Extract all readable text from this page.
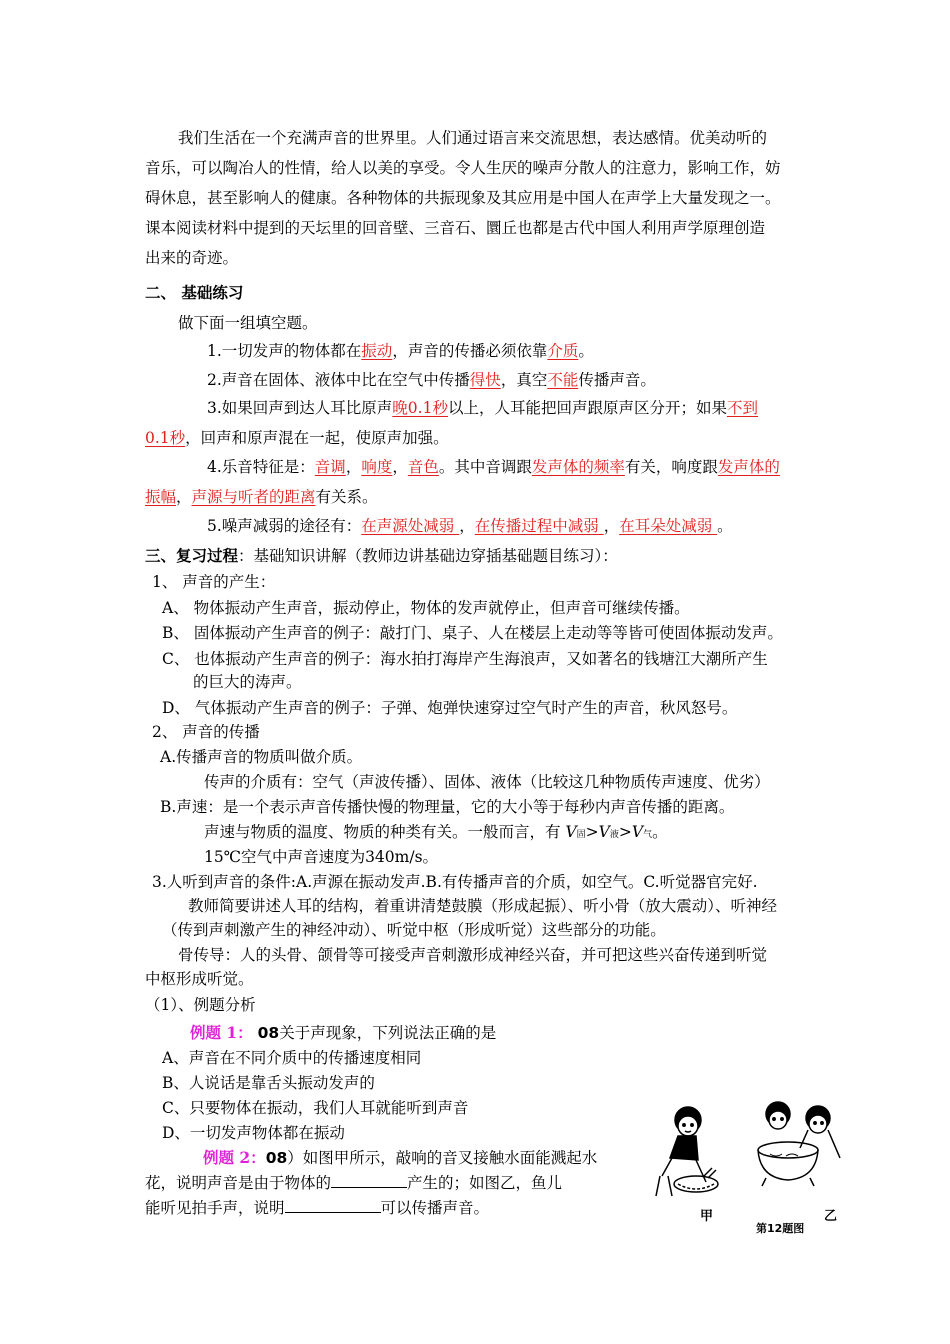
我们生活在一个充满声音的世界里。人们通过语言来交流思想，表达感情。优美动听的
音乐，可以陶冶人的性情，给人以美的享受。令人生厌的噪声分散人的注意力，影响工作，妨
碍休息，甚至影响人的健康。各种物体的共振现象及其应用是中国人在声学上大量发现之一。
课本阅读材料中提到的天坛里的回音壁、三音石、圜丘也都是古代中国人利用声学原理创造
出来的奇迹。
二、 基础练习
做下面一组填空题。
1.一切发声的物体都在振动，声音的传播必须依靠介质。
2.声音在固体、液体中比在空气中传播得快，真空不能传播声音。
3.如果回声到达人耳比原声晚0.1秒以上，人耳能把回声跟原声区分开；如果不到
0.1秒，回声和原声混在一起，使原声加强。
4.乐音特征是：音调，响度，音色。其中音调跟发声体的频率有关，响度跟发声体的
振幅，声源与听者的距离有关系。
5.噪声减弱的途径有：在声源处减弱 ，在传播过程中减弱 ，在耳朵处减弱 。
三、复习过程：基础知识讲解（教师边讲基础边穿插基础题目练习）：
1、 声音的产生：
A、 物体振动产生声音，振动停止，物体的发声就停止，但声音可继续传播。
B、 固体振动产生声音的例子：敲打门、桌子、人在楼层上走动等等皆可使固体振动发声。
C、 也体振动产生声音的例子：海水拍打海岸产生海浪声，又如著名的钱塘江大潮所产生
的巨大的涛声。
D、 气体振动产生声音的例子：子弹、炮弹快速穿过空气时产生的声音，秋风怒号。
2、 声音的传播
A.传播声音的物质叫做介质。
传声的介质有：空气（声波传播）、固体、液体（比较这几种物质传声速度、优劣）
B.声速：是一个表示声音传播快慢的物理量，它的大小等于每秒内声音传播的距离。
声速与物质的温度、物质的种类有关。一般而言，有 V固>V液>V气。
15℃空气中声音速度为340m/s。
3.人听到声音的条件:A.声源在振动发声.B.有传播声音的介质，如空气。C.听觉器官完好.
教师简要讲述人耳的结构，着重讲清楚鼓膜（形成起振）、听小骨（放大震动）、听神经
（传到声刺激产生的神经冲动）、听觉中枢（形成听觉）这些部分的功能。
骨传导：人的头骨、颌骨等可接受声音刺激形成神经兴奋，并可把这些兴奋传递到听觉
中枢形成听觉。
（1）、例题分析
例题 1： 08关于声现象，下列说法正确的是
A、声音在不同介质中的传播速度相同
B、人说话是靠舌头振动发声的
C、只要物体在振动，我们人耳就能听到声音
D、一切发声物体都在振动
例题 2：08）如图甲所示，敲响的音叉接触水面能溅起水
花，说明声音是由于物体的	产生的；如图乙，鱼儿
能听见拍手声，说明	可以传播声音。	甲	乙
第12题图
